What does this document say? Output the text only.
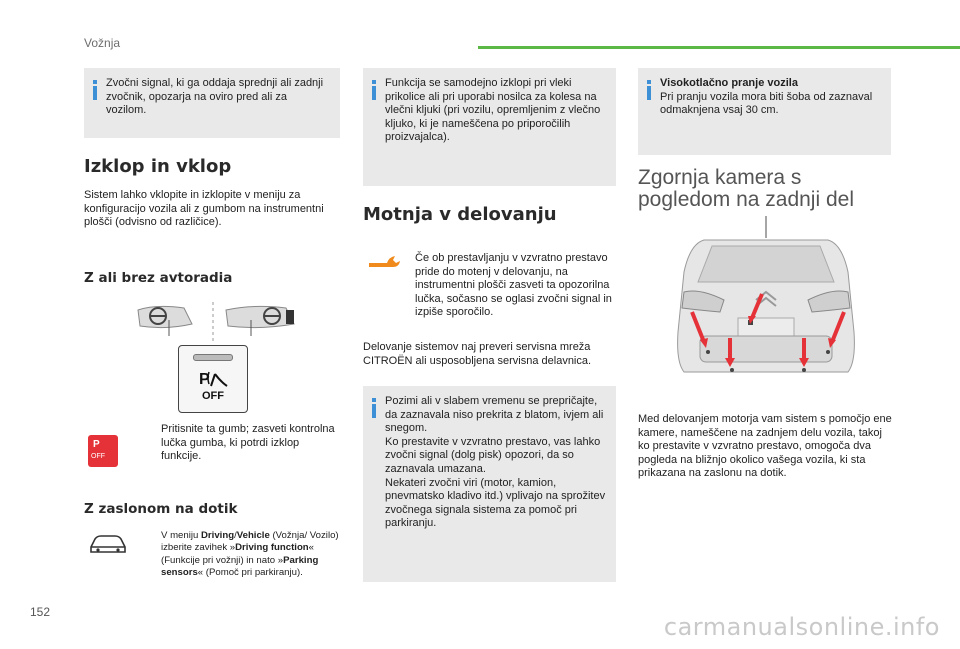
Vožnja
Zvočni signal, ki ga oddaja sprednji ali zadnji zvočnik, opozarja na oviro pred ali za vozilom.
Izklop in vklop
Sistem lahko vklopite in izklopite v meniju za konfiguracijo vozila ali z gumbom na instrumentni plošči (odvisno od različice).
Z ali brez avtoradia
P
OFF
P
OFF
Pritisnite ta gumb; zasveti kontrolna lučka gumba, ki potrdi izklop funkcije.
Z zaslonom na dotik
V meniju Driving/Vehicle (Vožnja/ Vozilo) izberite zavihek »Driving function« (Funkcije pri vožnji) in nato »Parking sensors« (Pomoč pri parkiranju).
Funkcija se samodejno izklopi pri vleki prikolice ali pri uporabi nosilca za kolesa na vlečni kljuki (pri vozilu, opremljenim z vlečno kljuko, ki je nameščena po priporočilih proizvajalca).
Motnja v delovanju
Če ob prestavljanju v vzvratno prestavo pride do motenj v delovanju, na instrumentni plošči zasveti ta opozorilna lučka, sočasno se oglasi zvočni signal in izpiše sporočilo.
Delovanje sistemov naj preveri servisna mreža CITROËN ali usposobljena servisna delavnica.
Pozimi ali v slabem vremenu se prepričajte, da zaznavala niso prekrita z blatom, ivjem ali snegom.
Ko prestavite v vzvratno prestavo, vas lahko zvočni signal (dolg pisk) opozori, da so zaznavala umazana.
Nekateri zvočni viri (motor, kamion, pnevmatsko kladivo itd.) vplivajo na sprožitev zvočnega signala sistema za pomoč pri parkiranju.
Visokotlačno pranje vozila
Pri pranju vozila mora biti šoba od zaznaval odmaknjena vsaj 30 cm.
Zgornja kamera s pogledom na zadnji del
Med delovanjem motorja vam sistem s pomočjo ene kamere, nameščene na zadnjem delu vozila, takoj ko prestavite v vzvratno prestavo, omogoča dva pogleda na bližnjo okolico vašega vozila, ki sta prikazana na zaslonu na dotik.
152
carmanualsonline.info
